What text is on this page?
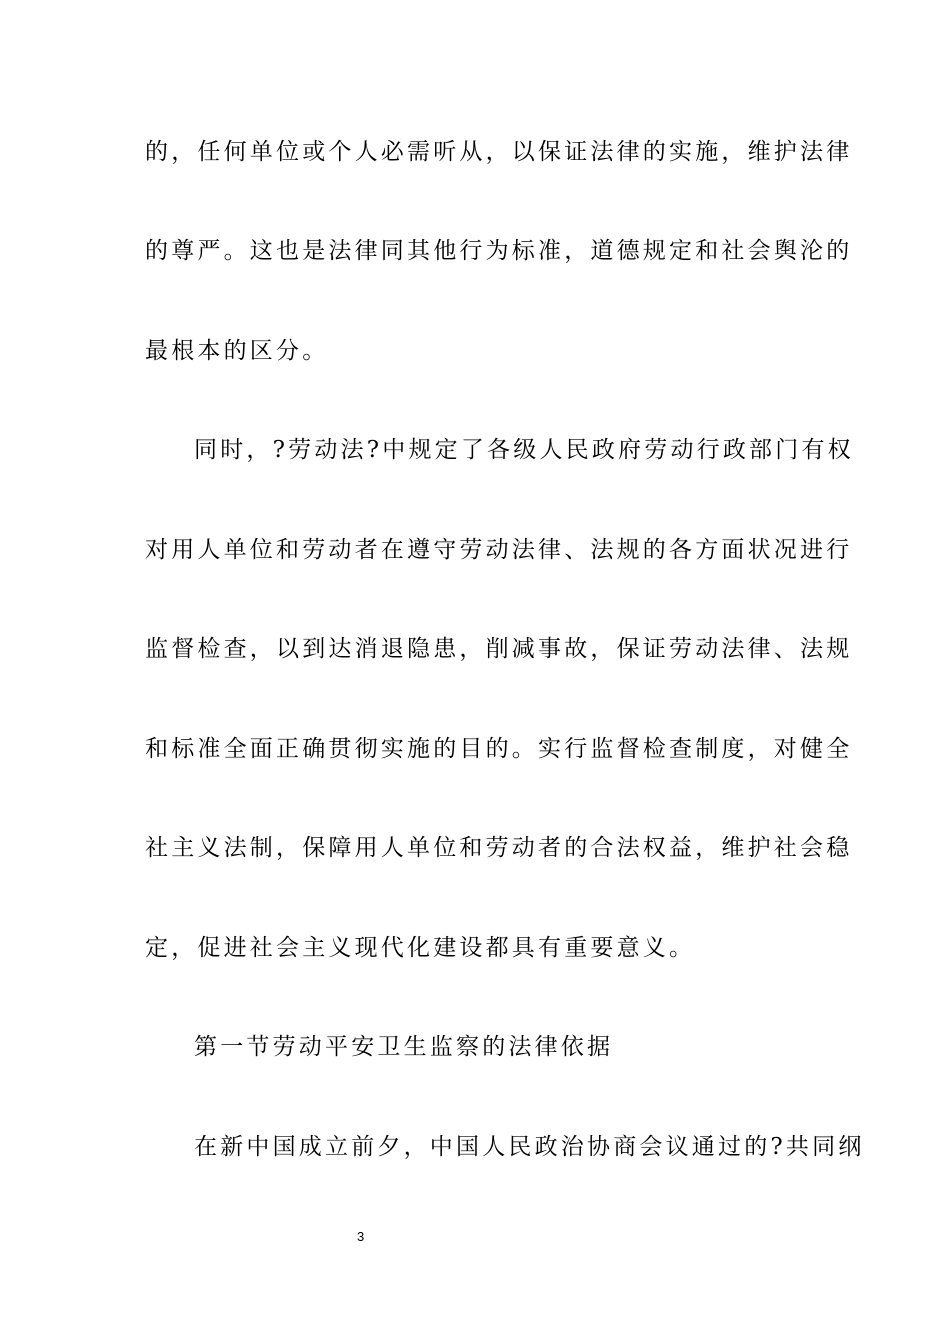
的，任何单位或个人必需听从，以保证法律的实施，维护法律
的尊严。这也是法律同其他行为标准，道德规定和社会舆沦的
最根本的区分。
同时，?劳动法?中规定了各级人民政府劳动行政部门有权
对用人单位和劳动者在遵守劳动法律、法规的各方面状况进行
监督检查，以到达消退隐患，削减事故，保证劳动法律、法规
和标准全面正确贯彻实施的目的。实行监督检查制度，对健全
社主义法制，保障用人单位和劳动者的合法权益，维护社会稳
定，促进社会主义现代化建设都具有重要意义。
第一节劳动平安卫生监察的法律依据
在新中国成立前夕，中国人民政治协商会议通过的?共同纲
3
